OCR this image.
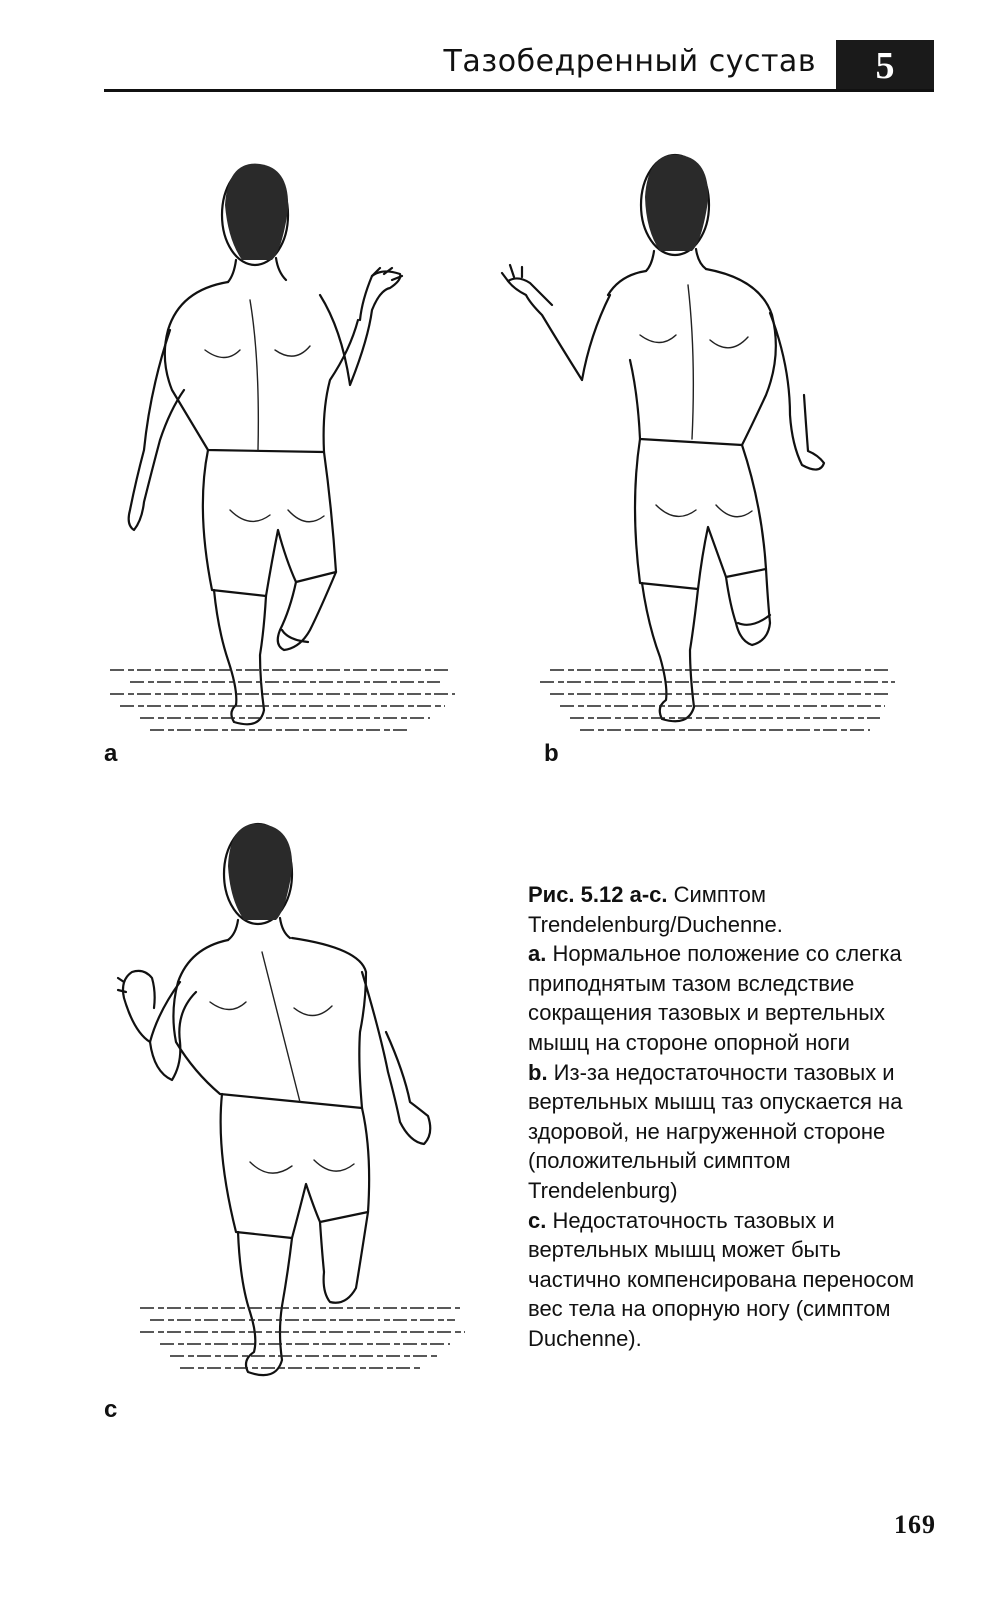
Тазобедренный сустав	5
a	b
c

Рис. 5.12 а-с. Симптом Trendelenburg/Duchenne.

a. Нормальное положение со слегка приподнятым тазом вследствие сокращения тазовых и вертельных мышц на стороне опорной ноги

b. Из-за недостаточности тазовых и вертельных мышц таз опускается на здоровой, не нагруженной стороне (положительный симптом Trendelenburg)

c. Недостаточность тазовых и вертельных мышц может быть частично компенсирована переносом вес тела на опорную ногу (симптом Duchenne).

169
